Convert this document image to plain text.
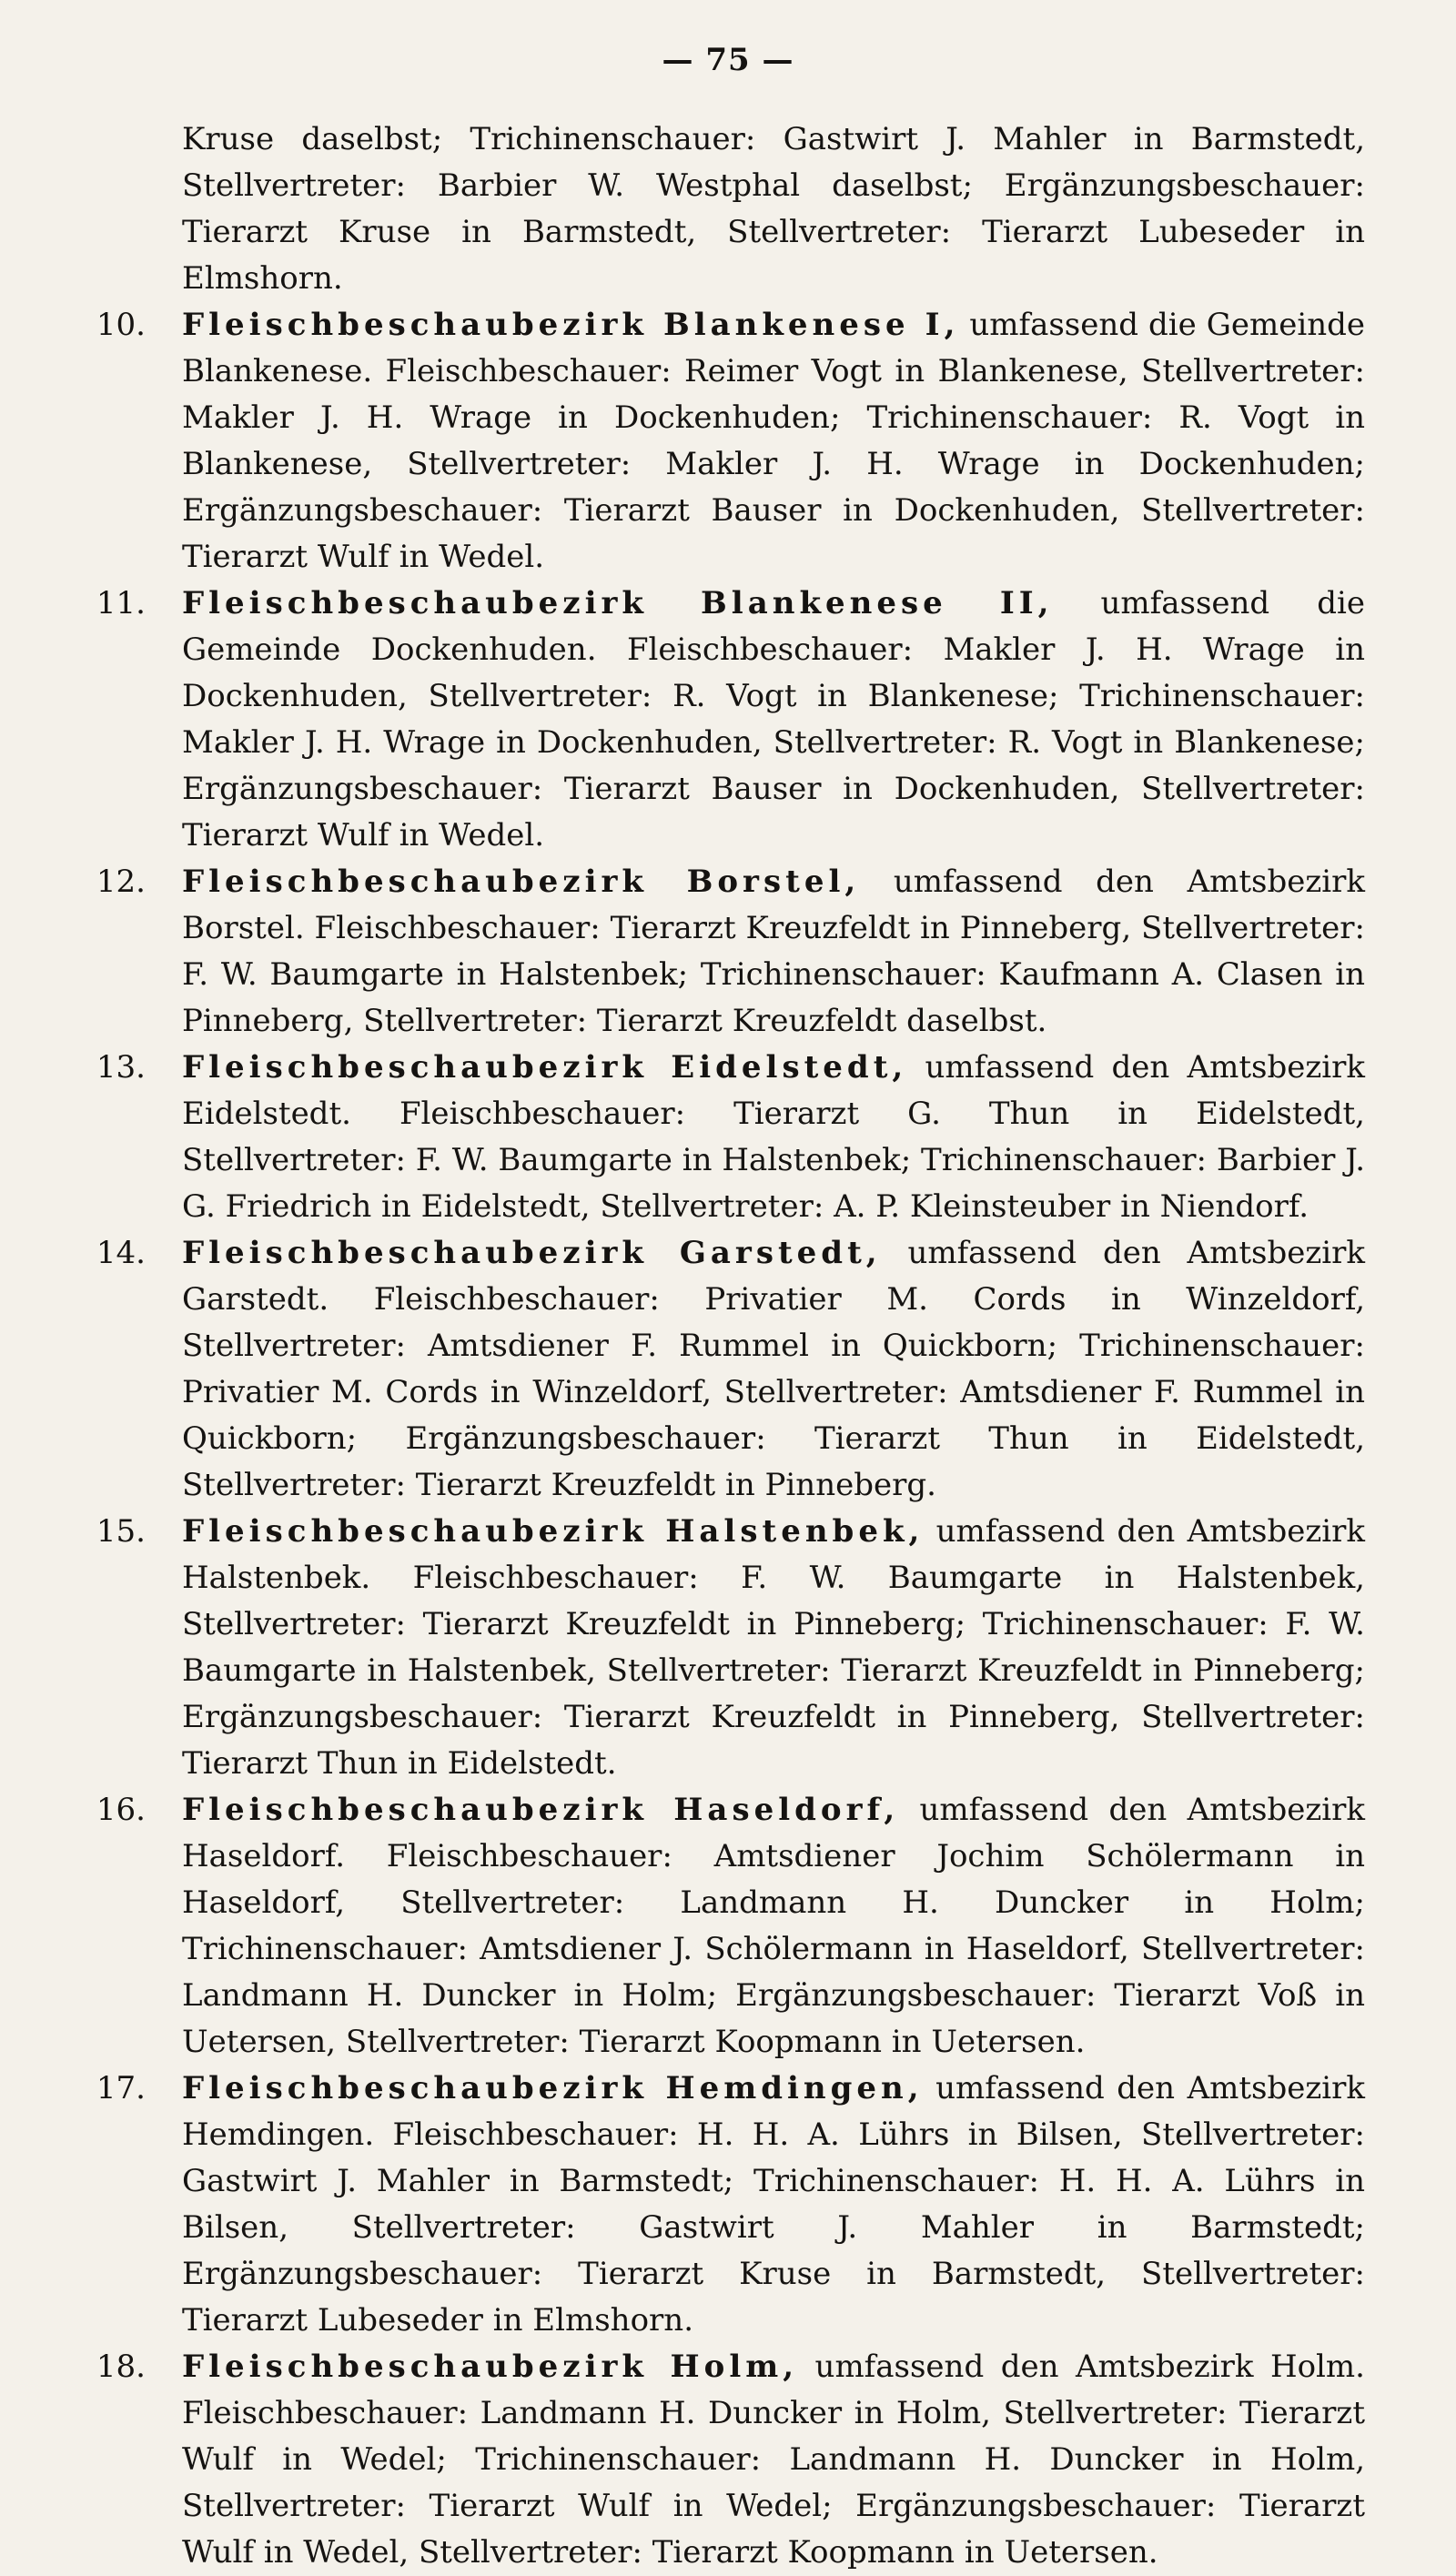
— 75 —

Kruse daselbst; Trichinenschauer: Gastwirt J. Mahler in Barmstedt, Stellvertreter: Barbier W. Westphal daselbst; Ergänzungsbeschauer: Tierarzt Kruse in Barmstedt, Stellvertreter: Tierarzt Lubeseder in Elmshorn.

10. Fleischbeschaubezirk Blankenese I, umfassend die Gemeinde Blankenese. Fleischbeschauer: Reimer Vogt in Blankenese, Stellvertreter: Makler J. H. Wrage in Dockenhuden; Trichinenschauer: R. Vogt in Blankenese, Stellvertreter: Makler J. H. Wrage in Dockenhuden; Ergänzungsbeschauer: Tierarzt Bauser in Dockenhuden, Stellvertreter: Tierarzt Wulf in Wedel.

11. Fleischbeschaubezirk Blankenese II, umfassend die Gemeinde Dockenhuden. Fleischbeschauer: Makler J. H. Wrage in Dockenhuden, Stellvertreter: R. Vogt in Blankenese; Trichinenschauer: Makler J. H. Wrage in Dockenhuden, Stellvertreter: R. Vogt in Blankenese; Ergänzungsbeschauer: Tierarzt Bauser in Dockenhuden, Stellvertreter: Tierarzt Wulf in Wedel.

12. Fleischbeschaubezirk Borstel, umfassend den Amtsbezirk Borstel. Fleischbeschauer: Tierarzt Kreuzfeldt in Pinneberg, Stellvertreter: F. W. Baumgarte in Halstenbek; Trichinenschauer: Kaufmann A. Clasen in Pinneberg, Stellvertreter: Tierarzt Kreuzfeldt daselbst.

13. Fleischbeschaubezirk Eidelstedt, umfassend den Amtsbezirk Eidelstedt. Fleischbeschauer: Tierarzt G. Thun in Eidelstedt, Stellvertreter: F. W. Baumgarte in Halstenbek; Trichinenschauer: Barbier J. G. Friedrich in Eidelstedt, Stellvertreter: A. P. Kleinsteuber in Niendorf.

14. Fleischbeschaubezirk Garstedt, umfassend den Amtsbezirk Garstedt. Fleischbeschauer: Privatier M. Cords in Winzeldorf, Stellvertreter: Amtsdiener F. Rummel in Quickborn; Trichinenschauer: Privatier M. Cords in Winzeldorf, Stellvertreter: Amtsdiener F. Rummel in Quickborn; Ergänzungsbeschauer: Tierarzt Thun in Eidelstedt, Stellvertreter: Tierarzt Kreuzfeldt in Pinneberg.

15. Fleischbeschaubezirk Halstenbek, umfassend den Amtsbezirk Halstenbek. Fleischbeschauer: F. W. Baumgarte in Halstenbek, Stellvertreter: Tierarzt Kreuzfeldt in Pinneberg; Trichinenschauer: F. W. Baumgarte in Halstenbek, Stellvertreter: Tierarzt Kreuzfeldt in Pinneberg; Ergänzungsbeschauer: Tierarzt Kreuzfeldt in Pinneberg, Stellvertreter: Tierarzt Thun in Eidelstedt.

16. Fleischbeschaubezirk Haseldorf, umfassend den Amtsbezirk Haseldorf. Fleischbeschauer: Amtsdiener Jochim Schölermann in Haseldorf, Stellvertreter: Landmann H. Duncker in Holm; Trichinenschauer: Amtsdiener J. Schölermann in Haseldorf, Stellvertreter: Landmann H. Duncker in Holm; Ergänzungsbeschauer: Tierarzt Voß in Uetersen, Stellvertreter: Tierarzt Koopmann in Uetersen.

17. Fleischbeschaubezirk Hemdingen, umfassend den Amtsbezirk Hemdingen. Fleischbeschauer: H. H. A. Lührs in Bilsen, Stellvertreter: Gastwirt J. Mahler in Barmstedt; Trichinenschauer: H. H. A. Lührs in Bilsen, Stellvertreter: Gastwirt J. Mahler in Barmstedt; Ergänzungsbeschauer: Tierarzt Kruse in Barmstedt, Stellvertreter: Tierarzt Lubeseder in Elmshorn.

18. Fleischbeschaubezirk Holm, umfassend den Amtsbezirk Holm. Fleischbeschauer: Landmann H. Duncker in Holm, Stellvertreter: Tierarzt Wulf in Wedel; Trichinenschauer: Landmann H. Duncker in Holm, Stellvertreter: Tierarzt Wulf in Wedel; Ergänzungsbeschauer: Tierarzt Wulf in Wedel, Stellvertreter: Tierarzt Koopmann in Uetersen.
